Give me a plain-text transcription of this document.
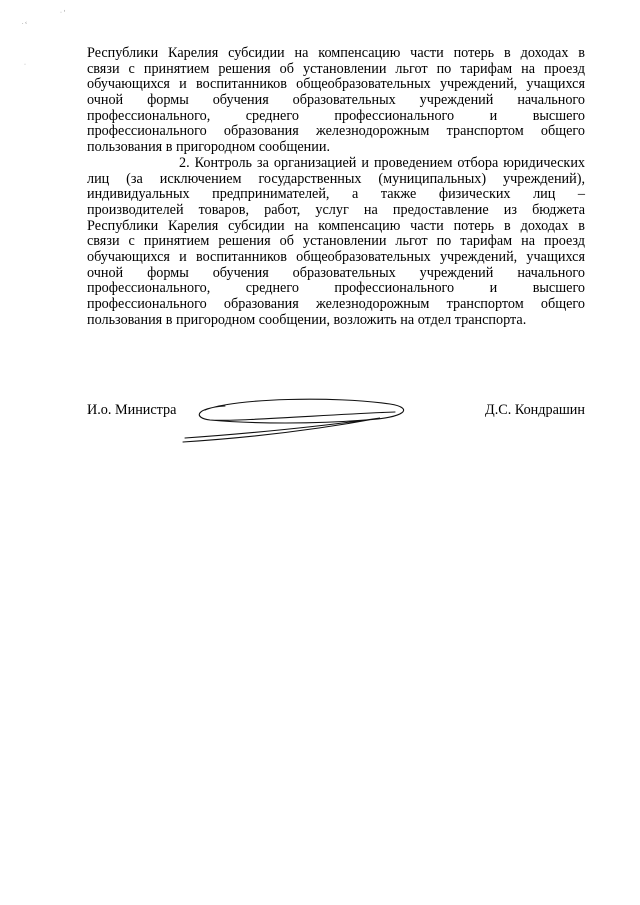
. ‹
· ‘
·
Республики Карелия субсидии на компенсацию части потерь в доходах в
связи с принятием решения об установлении льгот по тарифам на проезд
обучающихся и воспитанников общеобразовательных учреждений, учащихся
очной формы обучения образовательных учреждений начального
профессионального, среднего профессионального и высшего
профессионального образования железнодорожным транспортом общего
пользования в пригородном сообщении.
2. Контроль за организацией и проведением отбора юридических
лиц (за исключением государственных (муниципальных) учреждений),
индивидуальных предпринимателей, а также физических лиц –
производителей товаров, работ, услуг на предоставление из бюджета
Республики Карелия субсидии на компенсацию части потерь в доходах в
связи с принятием решения об установлении льгот по тарифам на проезд
обучающихся и воспитанников общеобразовательных учреждений, учащихся
очной формы обучения образовательных учреждений начального
профессионального, среднего профессионального и высшего
профессионального образования железнодорожным транспортом общего
пользования в пригородном сообщении, возложить на отдел транспорта.
И.о. Министра	Д.С. Кондрашин
